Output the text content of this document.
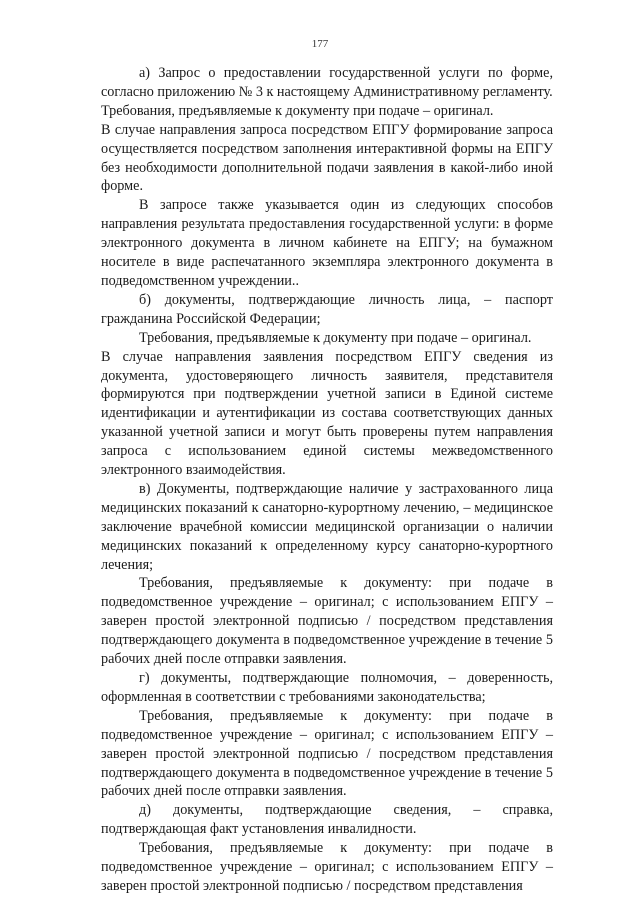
177

а) Запрос о предоставлении государственной услуги по форме, согласно приложению № 3 к настоящему Административному регламенту.

Требования, предъявляемые к документу при подаче – оригинал.

В случае направления запроса посредством ЕПГУ формирование запроса осуществляется посредством заполнения интерактивной формы на ЕПГУ без необходимости дополнительной подачи заявления в какой-либо иной форме.

В запросе также указывается один из следующих способов направления результата предоставления государственной услуги: в форме электронного документа в личном кабинете на ЕПГУ; на бумажном носителе в виде распечатанного экземпляра электронного документа в подведомственном учреждении..

б) документы, подтверждающие личность лица, – паспорт гражданина Российской Федерации;

Требования, предъявляемые к документу при подаче – оригинал.

В случае направления заявления посредством ЕПГУ сведения из документа, удостоверяющего личность заявителя, представителя формируются при подтверждении учетной записи в Единой системе идентификации и аутентификации из состава соответствующих данных указанной учетной записи и могут быть проверены путем направления запроса с использованием единой системы межведомственного электронного взаимодействия.

в) Документы, подтверждающие наличие у застрахованного лица медицинских показаний к санаторно-курортному лечению, – медицинское заключение врачебной комиссии медицинской организации о наличии медицинских показаний к определенному курсу санаторно-курортного лечения;

Требования, предъявляемые к документу: при подаче в подведомственное учреждение – оригинал; с использованием ЕПГУ – заверен простой электронной подписью / посредством представления подтверждающего документа в подведомственное учреждение в течение 5 рабочих дней после отправки заявления.

г) документы, подтверждающие полномочия, – доверенность, оформленная в соответствии с требованиями законодательства;

Требования, предъявляемые к документу: при подаче в подведомственное учреждение – оригинал; с использованием ЕПГУ – заверен простой электронной подписью / посредством представления подтверждающего документа в подведомственное учреждение в течение 5 рабочих дней после отправки заявления.

д) документы, подтверждающие сведения, – справка, подтверждающая факт установления инвалидности.

Требования, предъявляемые к документу: при подаче в подведомственное учреждение – оригинал; с использованием ЕПГУ – заверен простой электронной подписью / посредством представления
